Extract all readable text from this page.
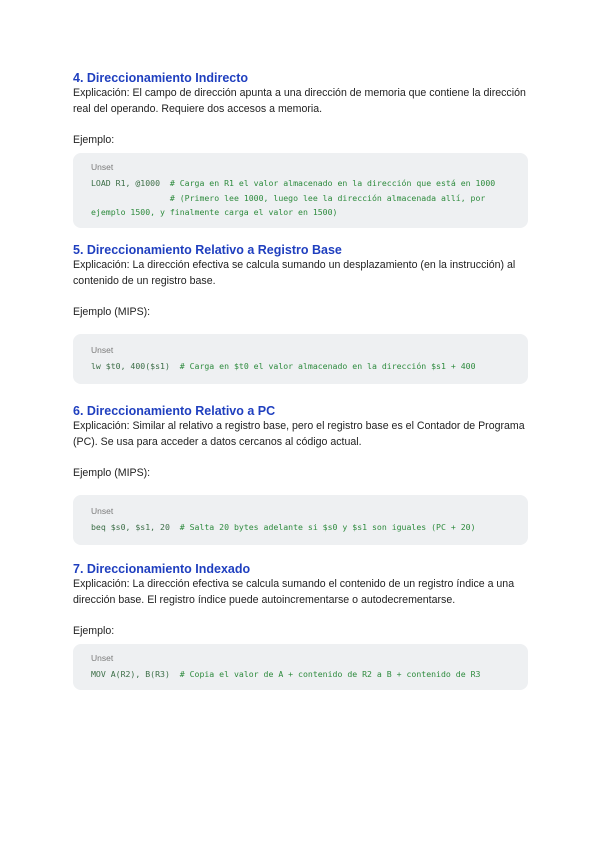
4. Direccionamiento Indirecto

Explicación: El campo de dirección apunta a una dirección de memoria que contiene la dirección real del operando. Requiere dos accesos a memoria.

Ejemplo:

Unset
LOAD R1, @1000  # Carga en R1 el valor almacenado en la dirección que está en 1000
# (Primero lee 1000, luego lee la dirección almacenada allí, por ejemplo 1500, y finalmente carga el valor en 1500)
5. Direccionamiento Relativo a Registro Base

Explicación: La dirección efectiva se calcula sumando un desplazamiento (en la instrucción) al contenido de un registro base.

Ejemplo (MIPS):

Unset
lw $t0, 400($s1)  # Carga en $t0 el valor almacenado en la dirección $s1 + 400
6. Direccionamiento Relativo a PC

Explicación: Similar al relativo a registro base, pero el registro base es el Contador de Programa (PC). Se usa para acceder a datos cercanos al código actual.

Ejemplo (MIPS):

Unset
beq $s0, $s1, 20  # Salta 20 bytes adelante si $s0 y $s1 son iguales (PC + 20)
7. Direccionamiento Indexado

Explicación: La dirección efectiva se calcula sumando el contenido de un registro índice a una dirección base. El registro índice puede autoincrementarse o autodecrementarse.

Ejemplo:

Unset
MOV A(R2), B(R3)  # Copia el valor de A + contenido de R2 a B + contenido de R3
